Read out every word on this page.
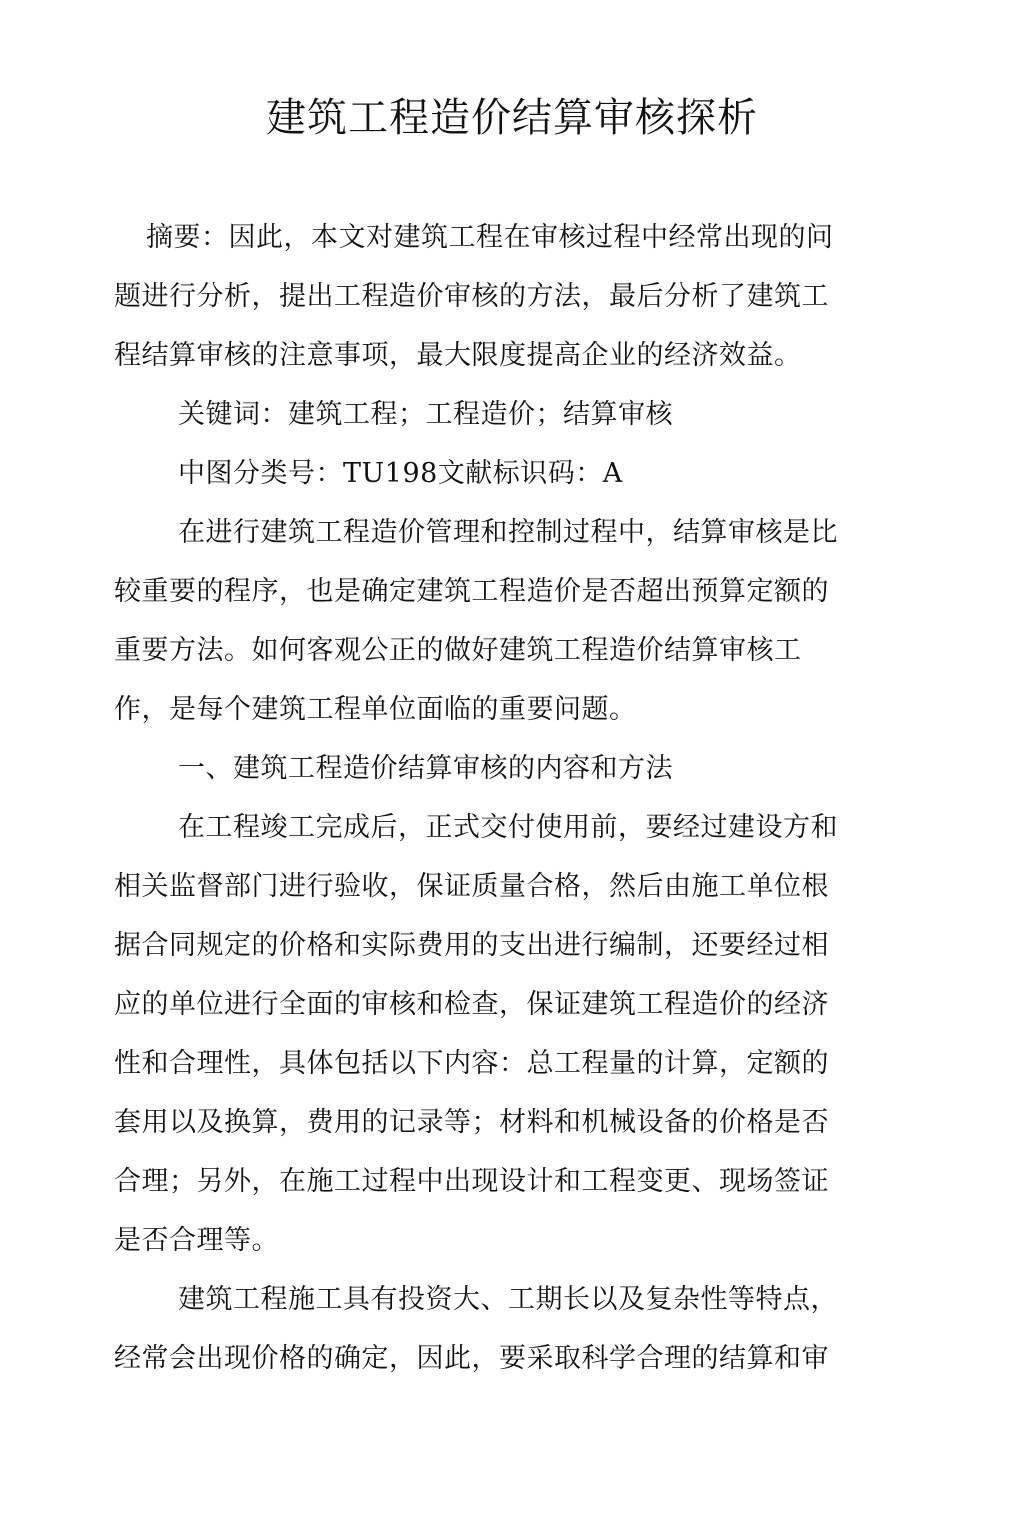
建筑工程造价结算审核探析
摘要：因此，本文对建筑工程在审核过程中经常出现的问
题进行分析，提出工程造价审核的方法，最后分析了建筑工
程结算审核的注意事项，最大限度提高企业的经济效益。
关键词：建筑工程；工程造价；结算审核
中图分类号：TU198文献标识码：A
在进行建筑工程造价管理和控制过程中，结算审核是比
较重要的程序，也是确定建筑工程造价是否超出预算定额的
重要方法。如何客观公正的做好建筑工程造价结算审核工
作，是每个建筑工程单位面临的重要问题。
一、建筑工程造价结算审核的内容和方法
在工程竣工完成后，正式交付使用前，要经过建设方和
相关监督部门进行验收，保证质量合格，然后由施工单位根
据合同规定的价格和实际费用的支出进行编制，还要经过相
应的单位进行全面的审核和检查，保证建筑工程造价的经济
性和合理性，具体包括以下内容：总工程量的计算，定额的
套用以及换算，费用的记录等；材料和机械设备的价格是否
合理；另外，在施工过程中出现设计和工程变更、现场签证
是否合理等。
建筑工程施工具有投资大、工期长以及复杂性等特点，
经常会出现价格的确定，因此，要采取科学合理的结算和审
